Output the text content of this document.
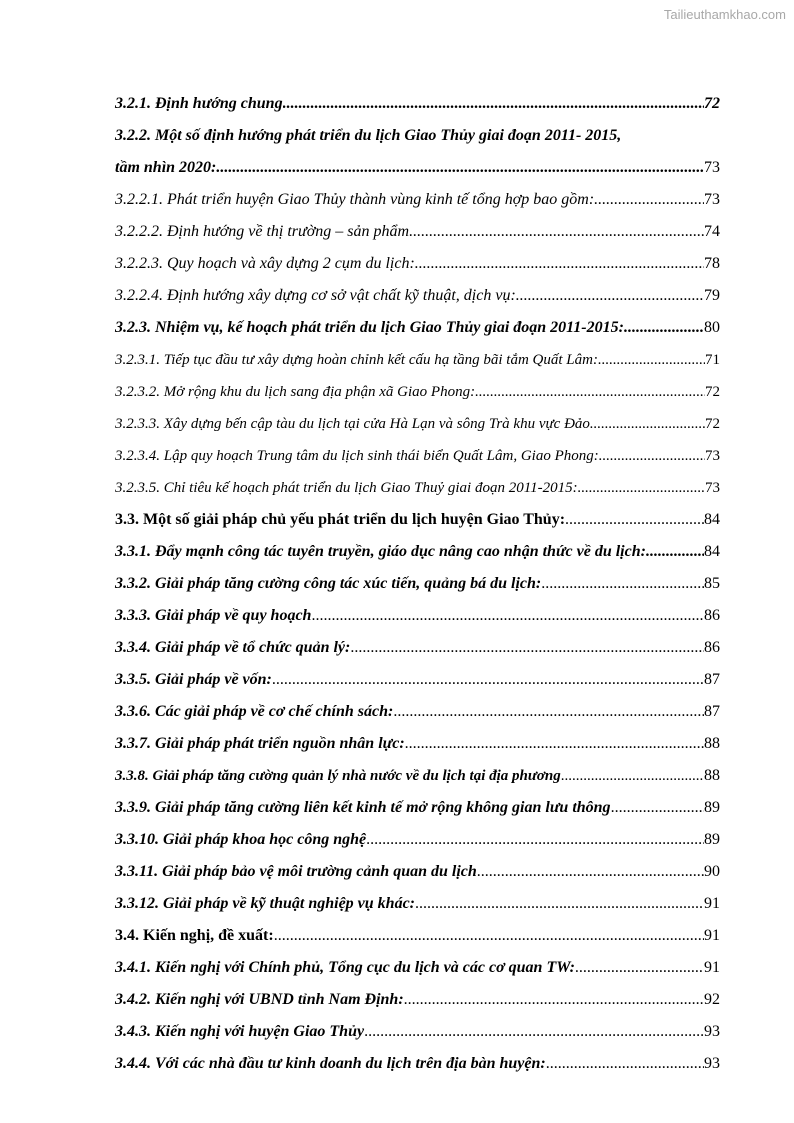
Tailieuthamkhao.com
3.2.1. Định hướng chung .....	72
3.2.2. Một số định hướng phát triển du lịch Giao Thủy giai đoạn 2011- 2015,
tầm nhìn 2020: .....	73
3.2.2.1. Phát triển huyện Giao Thủy thành vùng kinh tế tổng hợp bao gồm: .....	73
3.2.2.2. Định hướng về thị trường – sản phẩm .....	74
3.2.2.3. Quy hoạch và xây dựng 2 cụm du lịch: .....	78
3.2.2.4. Định hướng xây dựng cơ sở vật chất kỹ thuật, dịch vụ: .....	79
3.2.3. Nhiệm vụ, kế hoạch phát triển du lịch Giao Thủy giai đoạn 2011-2015: .....	80
3.2.3.1. Tiếp tục đầu tư xây dựng hoàn chỉnh kết cấu hạ tầng bãi tắm Quất Lâm: .....	71
3.2.3.2. Mở rộng khu du lịch sang địa phận xã Giao Phong: .....	72
3.2.3.3. Xây dựng bến cập tàu du lịch tại cửa Hà Lạn và sông Trà khu vực Đảo .....	72
3.2.3.4. Lập quy hoạch Trung tâm du lịch sinh thái biển Quất Lâm, Giao Phong: .....	73
3.2.3.5. Chỉ tiêu kế hoạch phát triển du lịch Giao Thuỷ giai đoạn 2011-2015: .....	73
3.3. Một số giải pháp chủ yếu phát triển du lịch huyện Giao Thủy: .....	84
3.3.1. Đẩy mạnh công tác tuyên truyền, giáo dục nâng cao nhận thức về du lịch: .....	84
3.3.2. Giải pháp tăng cường công tác xúc tiến, quảng bá du lịch: .....	85
3.3.3. Giải pháp về quy hoạch .....	86
3.3.4. Giải pháp về tổ chức quản lý: .....	86
3.3.5. Giải pháp về vốn: .....	87
3.3.6. Các giải pháp về cơ chế chính sách: .....	87
3.3.7. Giải pháp phát triển nguồn nhân lực: .....	88
3.3.8. Giải pháp tăng cường quản lý nhà nước về du lịch tại địa phương .....	88
3.3.9. Giải pháp tăng cường liên kết kinh tế mở rộng không gian lưu thông .....	89
3.3.10. Giải pháp khoa học công nghệ .....	89
3.3.11. Giải pháp bảo vệ môi trường cảnh quan du lịch .....	90
3.3.12. Giải pháp về kỹ thuật nghiệp vụ khác: .....	91
3.4. Kiến nghị, đề xuất: .....	91
3.4.1. Kiến nghị với Chính phủ, Tổng cục du lịch và các cơ quan TW: .....	91
3.4.2. Kiến nghị với UBND tỉnh Nam Định: .....	92
3.4.3. Kiến nghị với huyện Giao Thủy .....	93
3.4.4. Với các nhà đầu tư kinh doanh du lịch trên địa bàn huyện: .....	93
